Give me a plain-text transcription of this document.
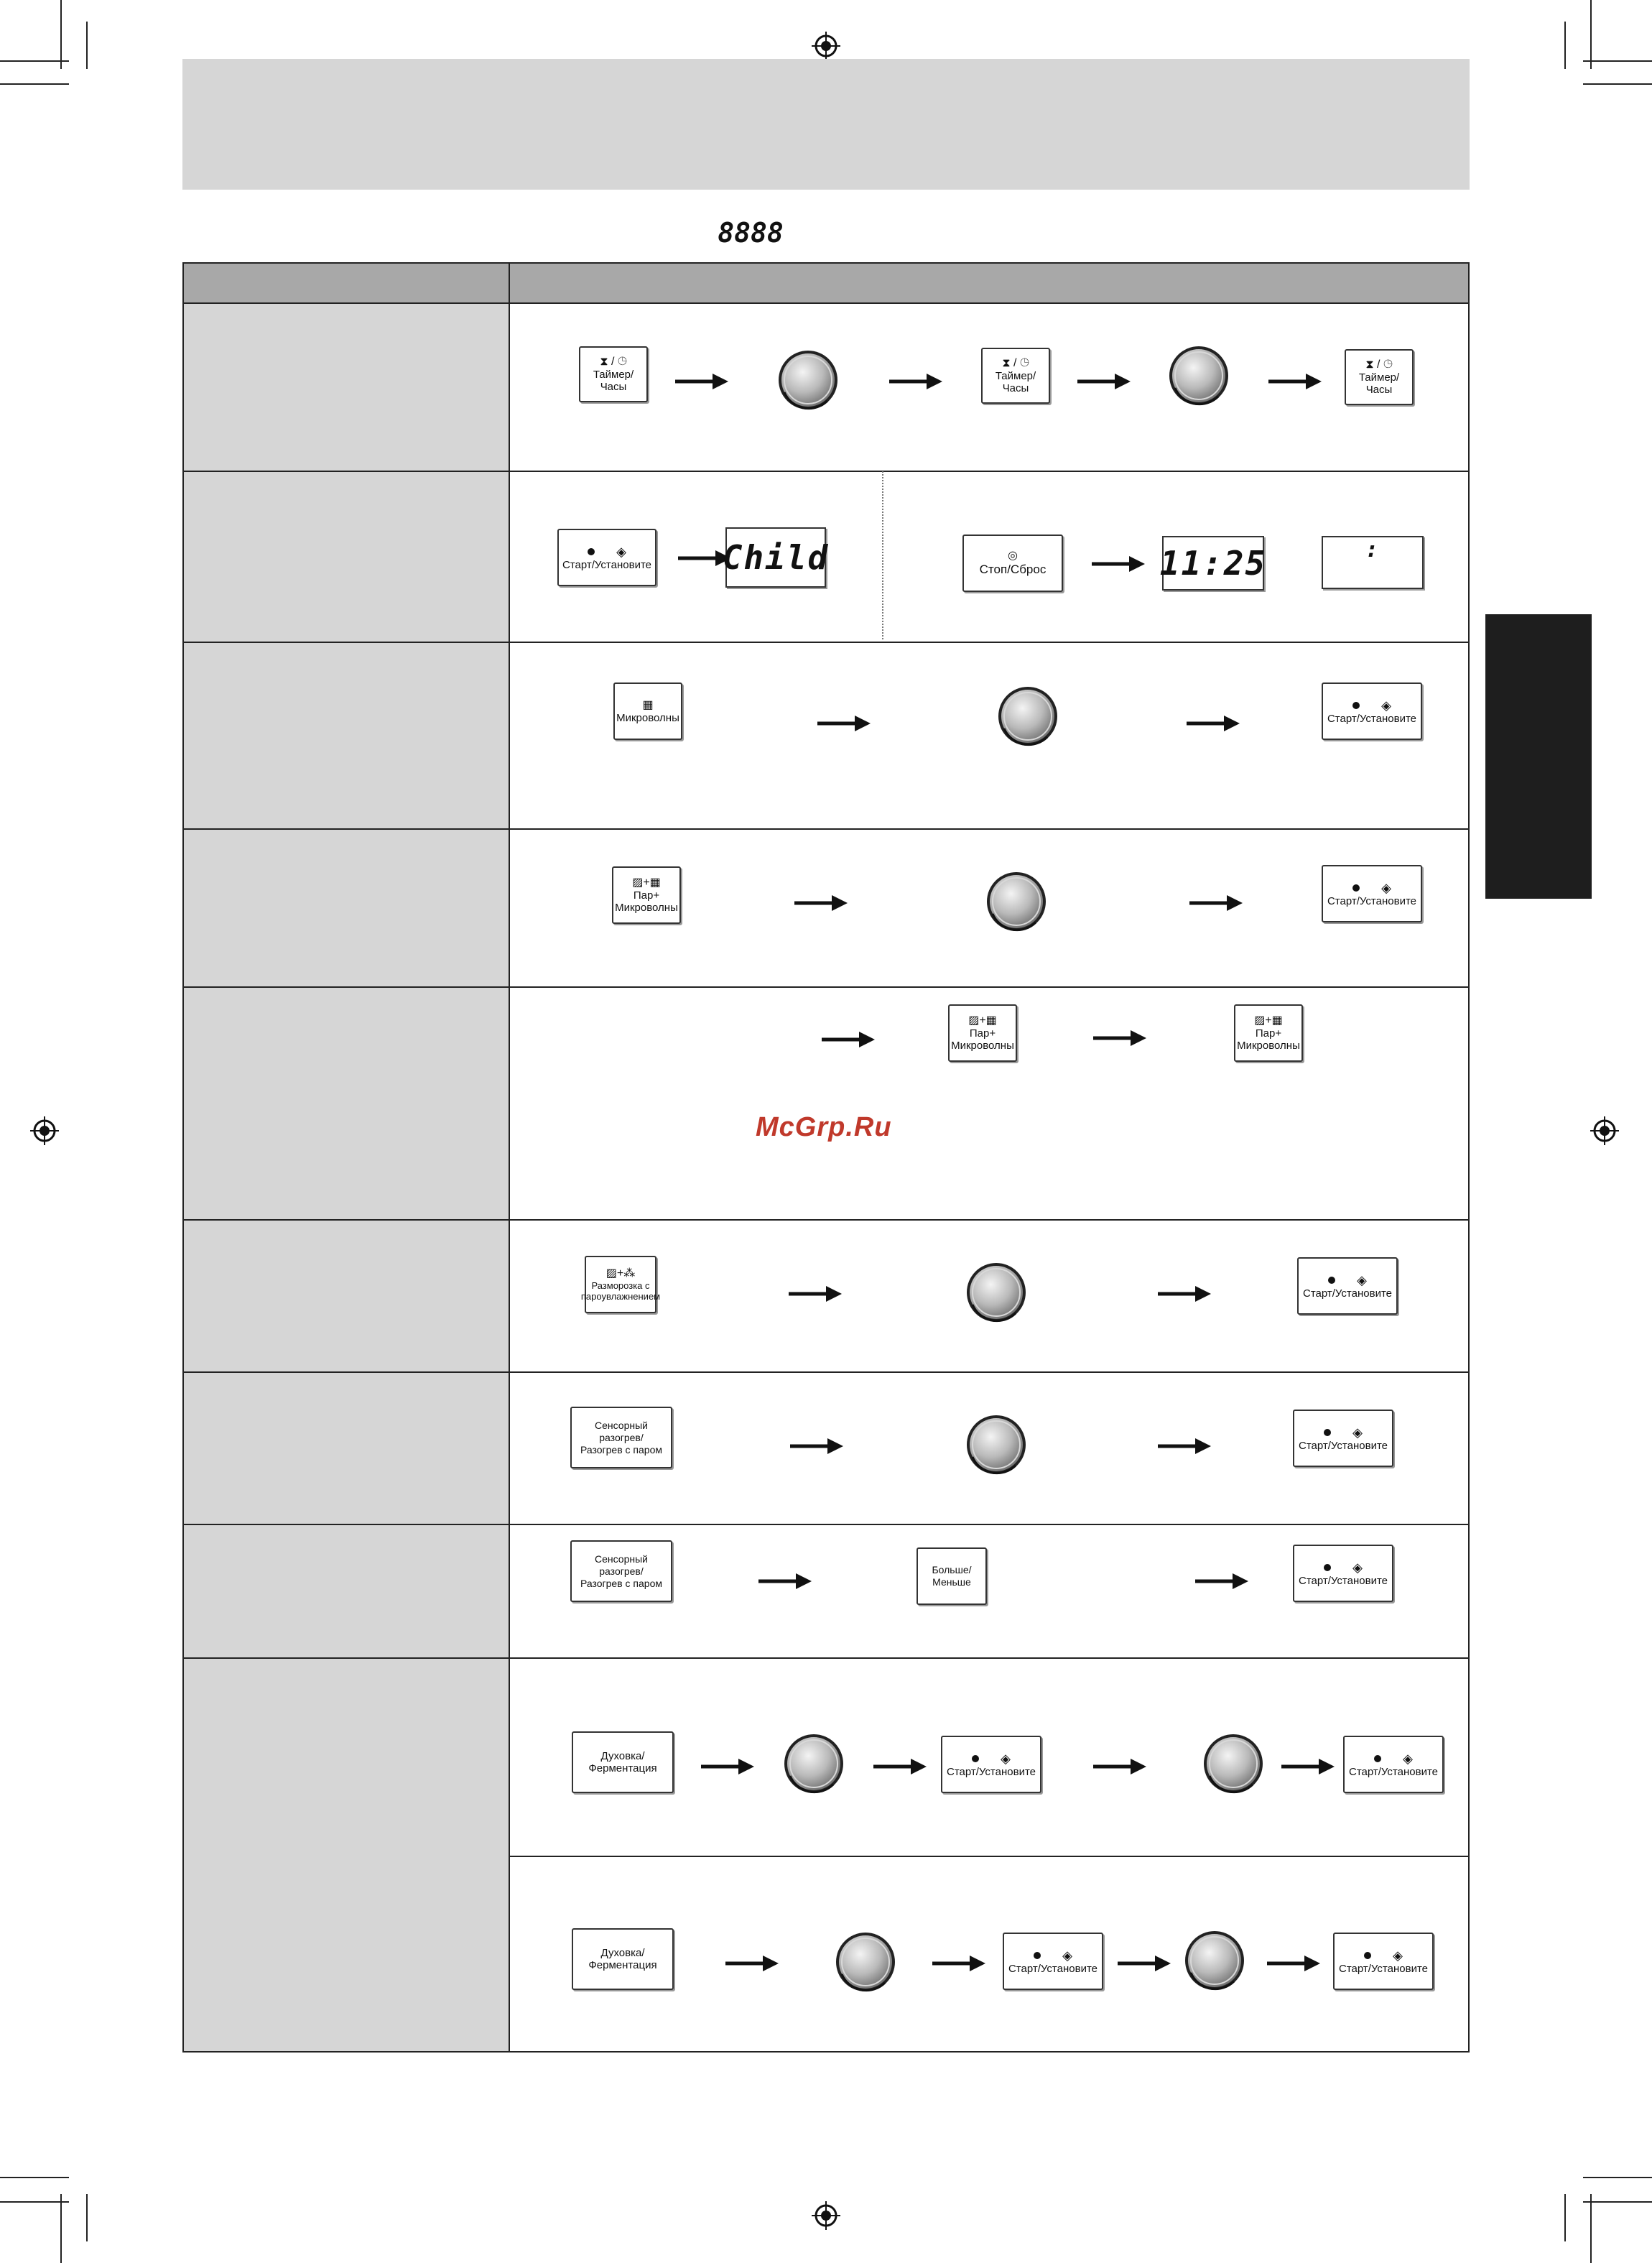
8888
⧗ / ◷
Таймер/Часы
⧗ / ◷
Таймер/Часы
⧗ / ◷
Таймер/Часы
◈
Старт/Установите Child	◎
Стоп/Сброс	11:25	:
▦
Микроволны
◈
Старт/Установите
▨+▦
Пар+
Микроволны
◈
Старт/Установите
▨+▦
Пар+
Микроволны
▨+▦
Пар+
Микроволны
McGrp.Ru
▨+⁂
Разморозка с
пароувлажнением
◈
Старт/Установите
Сенсорный разогрев/
Разогрев с паром
◈
Старт/Установите
Сенсорный разогрев/
Разогрев с паром
Больше/
Меньше
◈
Старт/Установите
Духовка/
Ферментация
◈
Старт/Установите
◈
Старт/Установите
Духовка/
Ферментация
◈
Старт/Установите
◈
Старт/Установите
